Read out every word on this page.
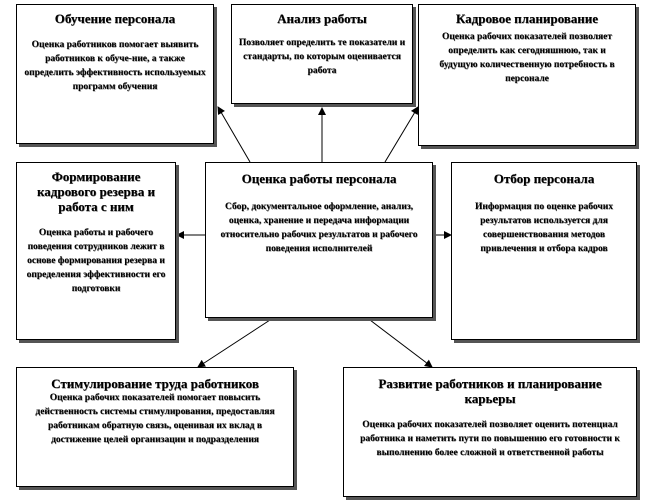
Обучение персонала
Оценка работников помогает выявить работников к обуче-ние, а также определить эффективность используемых программ обучения
Анализ работы
Позволяет определить те показатели и стандарты, по которым оценивается работа
Кадровое планирование
Оценка рабочих показателей позволяет определить как сегодняшнюю, так и будущую количественную потребность в персонале
Формирование кадрового резерва и работа с ним
Оценка работы и рабочего поведения сотрудников лежит в основе формирования резерва и определения эффективности его подготовки
Оценка работы персонала
Сбор, документальное оформление, анализ, оценка, хранение и передача информации относительно рабочих результатов и рабочего поведения исполнителей
Отбор персонала
Информация по оценке рабочих результатов используется для совершенствования методов привлечения и отбора кадров
Стимулирование труда работников
Оценка рабочих показателей помогает повысить действенность системы стимулирования, предоставляя работникам обратную связь, оценивая их вклад в достижение целей организации и подразделения
Развитие работников и планирование карьеры
Оценка рабочих показателей позволяет оценить потенциал работника и наметить пути по повышению его готовности к выполнению более сложной и ответственной работы
